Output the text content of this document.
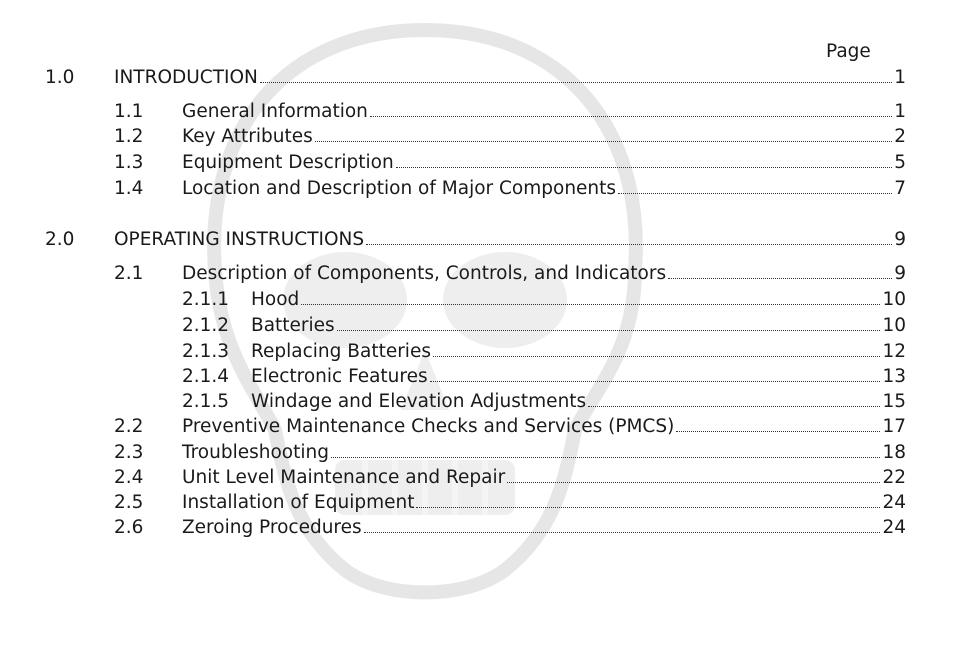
Page
1.0 INTRODUCTION	1
1.1 General Information	1
1.2 Key Attributes	2
1.3 Equipment Description	5
1.4 Location and Description of Major Components	7
2.0 OPERATING INSTRUCTIONS	9
2.1 Description of Components, Controls, and Indicators	9
2.1.1 Hood	10
2.1.2 Batteries	10
2.1.3 Replacing Batteries	12
2.1.4 Electronic Features	13
2.1.5 Windage and Elevation Adjustments	15
2.2 Preventive Maintenance Checks and Services (PMCS)	17
2.3 Troubleshooting	18
2.4 Unit Level Maintenance and Repair	22
2.5 Installation of Equipment	24
2.6 Zeroing Procedures	24
